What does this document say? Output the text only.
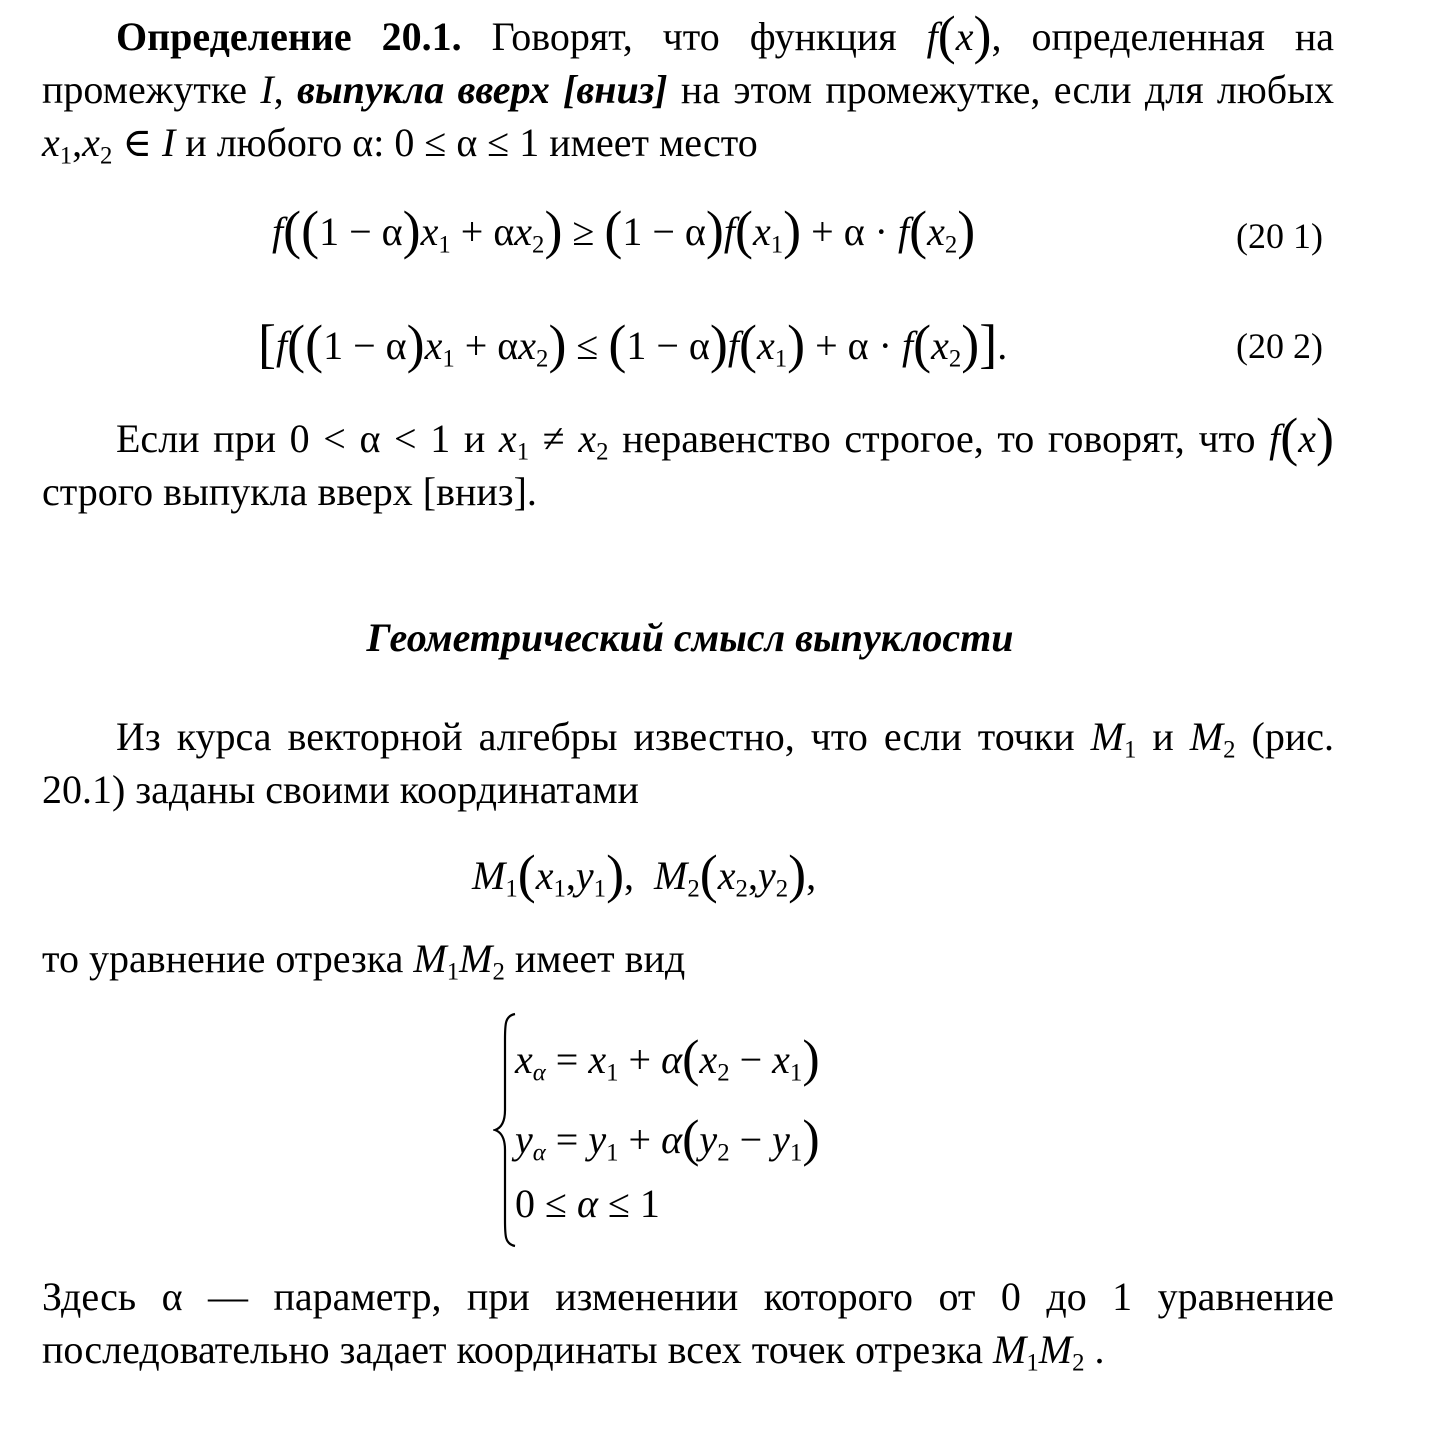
Определение 20.1. Говорят, что функция f(x), определенная на промежутке I, выпукла вверх [вниз] на этом промежутке, если для любых $x_1,x_2$ ∈ I и любого α: 0 ≤ α ≤ 1 имеет место

$f((1 - \alpha)x_1 + \alpha x_2) \ge (1 - \alpha)f(x_1) + \alpha \cdot f(x_2)$	(20 1)
$[f((1 - \alpha)x_1 + \alpha x_2) \le (1 - \alpha)f(x_1) + \alpha \cdot f(x_2)]$.	(20 2)

Если при 0 < α < 1 и $x_1 \ne x_2$ неравенство строгое, то говорят, что f(x) строго выпукла вверх [вниз].

Геометрический смысл выпуклости

Из курса векторной алгебры известно, что если точки $M_1$ и $M_2$ (рис. 20.1) заданы своими координатами

$M_1(x_1,y_1)$,  $M_2(x_2,y_2)$,

то уравнение отрезка $M_1M_2$ имеет вид

$x_\alpha = x_1 + \alpha(x_2 - x_1)$
$y_\alpha = y_1 + \alpha(y_2 - y_1)$
0 ≤ α ≤ 1

Здесь α — параметр, при изменении которого от 0 до 1 уравнение последовательно задает координаты всех точек отрезка $M_1M_2$ .
